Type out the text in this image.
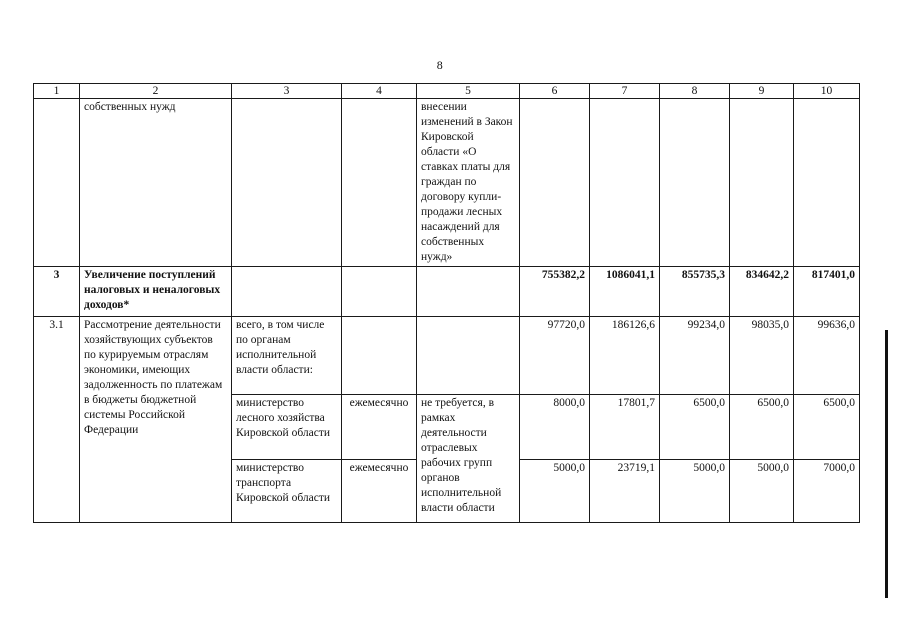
8
1	2	3	4	5	6	7	8	9	10
	собственных нужд			внесении изменений в Закон Кировской области «О ставках платы для граждан по договору купли-продажи лесных насаждений для собственных нужд»					
3	Увеличение поступлений налоговых и неналоговых доходов*				755382,2	1086041,1	855735,3	834642,2	817401,0
3.1	Рассмотрение деятельности хозяйствующих субъектов по курируемым отраслям экономики, имеющих задолженность по платежам в бюджеты бюджетной системы Российской Федерации	всего, в том числе по органам исполнительной власти области:			97720,0	186126,6	99234,0	98035,0	99636,0
		министерство лесного хозяйства Кировской области	ежемесячно	не требуется, в рамках деятельности отраслевых рабочих групп органов исполнительной власти области	8000,0	17801,7	6500,0	6500,0	6500,0
		министерство транспорта Кировской области	ежемесячно		5000,0	23719,1	5000,0	5000,0	7000,0
